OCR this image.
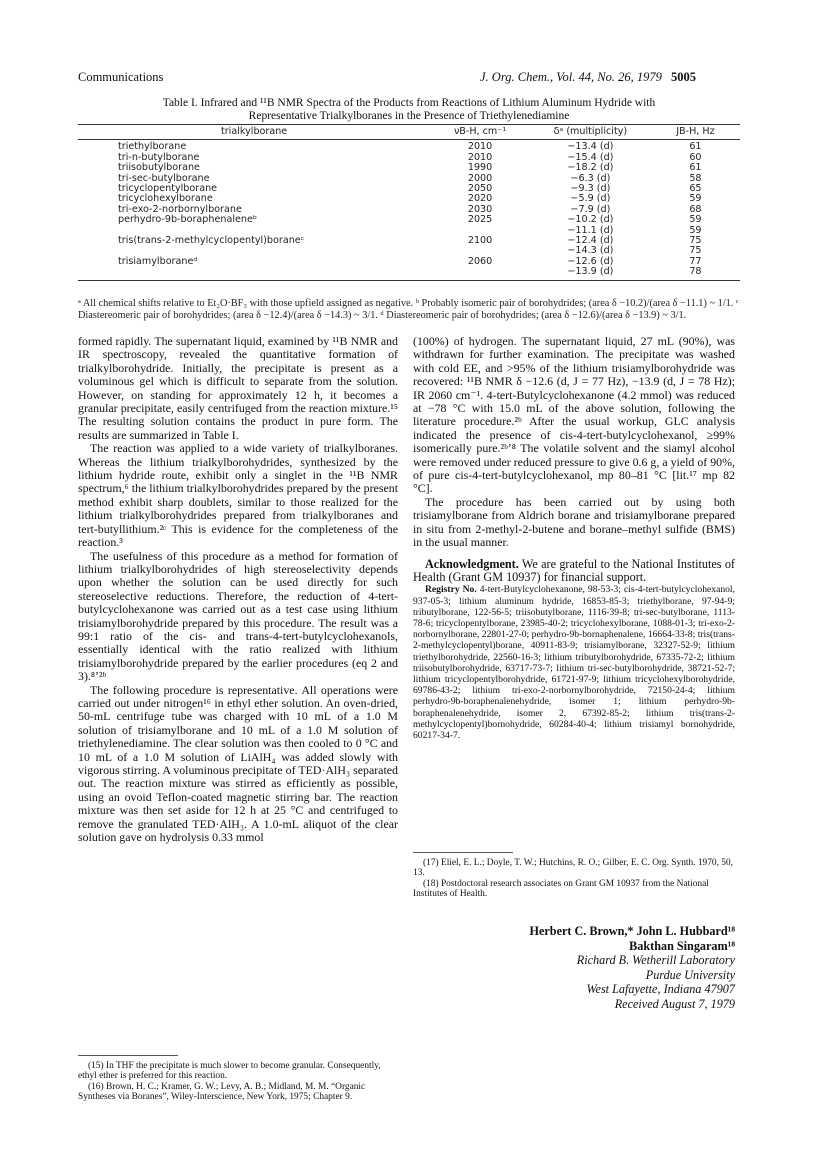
Communications	J. Org. Chem., Vol. 44, No. 26, 1979 5005
Table I. Infrared and ¹¹B NMR Spectra of the Products from Reactions of Lithium Aluminum Hydride with
Representative Trialkylboranes in the Presence of Triethylenediamine
trialkylborane	νB-H, cm⁻¹	δᵃ (multiplicity)	JB-H, Hz
triethylborane	2010	−13.4 (d)	61
tri-n-butylborane	2010	−15.4 (d)	60
triisobutylborane	1990	−18.2 (d)	61
tri-sec-butylborane	2000	−6.3 (d)	58
tricyclopentylborane	2050	−9.3 (d)	65
tricyclohexylborane	2020	−5.9 (d)	59
tri-exo-2-norbornylborane	2030	−7.9 (d)	68
perhydro-9b-boraphenaleneᵇ	2025	−10.2 (d)	59
		−11.1 (d)	59
tris(trans-2-methylcyclopentyl)boraneᶜ	2100	−12.4 (d)	75
		−14.3 (d)	75
trisiamylboraneᵈ	2060	−12.6 (d)	77
		−13.9 (d)	78
ᵃ All chemical shifts relative to Et₂O·BF₃ with those upfield assigned as negative. ᵇ Probably isomeric pair of borohydrides; (area δ −10.2)/(area δ −11.1) ~ 1/1. ᶜ Diastereomeric pair of borohydrides; (area δ −12.4)/(area δ −14.3) ~ 3/1. ᵈ Diastereomeric pair of borohydrides; (area δ −12.6)/(area δ −13.9) ~ 3/1.

formed rapidly. The supernatant liquid, examined by ¹¹B NMR and IR spectroscopy, revealed the quantitative formation of trialkylborohydride. Initially, the precipitate is present as a voluminous gel which is difficult to separate from the solution. However, on standing for approximately 12 h, it becomes a granular precipitate, easily centrifuged from the reaction mixture.¹⁵ The resulting solution contains the product in pure form. The results are summarized in Table I.

The reaction was applied to a wide variety of trialkylboranes. Whereas the lithium trialkylborohydrides, synthesized by the lithium hydride route, exhibit only a singlet in the ¹¹B NMR spectrum,⁶ the lithium trialkylborohydrides prepared by the present method exhibit sharp doublets, similar to those realized for the lithium trialkylborohydrides prepared from trialkylboranes and tert-butyllithium.²ᶜ This is evidence for the completeness of the reaction.³

The usefulness of this procedure as a method for formation of lithium trialkylborohydrides of high stereoselectivity depends upon whether the solution can be used directly for such stereoselective reductions. Therefore, the reduction of 4-tert-butylcyclohexanone was carried out as a test case using lithium trisiamylborohydride prepared by this procedure. The result was a 99:1 ratio of the cis- and trans-4-tert-butylcyclohexanols, essentially identical with the ratio realized with lithium trisiamylborohydride prepared by the earlier procedures (eq 2 and 3).⁸ʼ²ᵇ

The following procedure is representative. All operations were carried out under nitrogen¹⁶ in ethyl ether solution. An oven-dried, 50-mL centrifuge tube was charged with 10 mL of a 1.0 M solution of trisiamylborane and 10 mL of a 1.0 M solution of triethylenediamine. The clear solution was then cooled to 0 °C and 10 mL of a 1.0 M solution of LiAlH₄ was added slowly with vigorous stirring. A voluminous precipitate of TED·AlH₃ separated out. The reaction mixture was stirred as efficiently as possible, using an ovoid Teflon-coated magnetic stirring bar. The reaction mixture was then set aside for 12 h at 25 °C and centrifuged to remove the granulated TED·AlH₃. A 1.0-mL aliquot of the clear solution gave on hydrolysis 0.33 mmol

(100%) of hydrogen. The supernatant liquid, 27 mL (90%), was withdrawn for further examination. The precipitate was washed with cold EE, and >95% of the lithium trisiamylborohydride was recovered: ¹¹B NMR δ −12.6 (d, J = 77 Hz), −13.9 (d, J = 78 Hz); IR 2060 cm⁻¹. 4-tert-Butylcyclohexanone (4.2 mmol) was reduced at −78 °C with 15.0 mL of the above solution, following the literature procedure.²ᵇ After the usual workup, GLC analysis indicated the presence of cis-4-tert-butylcyclohexanol, ≥99% isomerically pure.²ᵇʼ⁸ The volatile solvent and the siamyl alcohol were removed under reduced pressure to give 0.6 g, a yield of 90%, of pure cis-4-tert-butylcyclohexanol, mp 80–81 °C [lit.¹⁷ mp 82 °C].

The procedure has been carried out by using both trisiamylborane from Aldrich borane and trisiamylborane prepared in situ from 2-methyl-2-butene and borane–methyl sulfide (BMS) in the usual manner.

Acknowledgment. We are grateful to the National Institutes of Health (Grant GM 10937) for financial support.

Registry No. 4-tert-Butylcyclohexanone, 98-53-3; cis-4-tert-butylcyclohexanol, 937-05-3; lithium aluminum hydride, 16853-85-3; triethylborane, 97-94-9; tributylborane, 122-56-5; triisobutylborane, 1116-39-8; tri-sec-butylborane, 1113-78-6; tricyclopentylborane, 23985-40-2; tricyclohexylborane, 1088-01-3; tri-exo-2-norbornylborane, 22801-27-0; perhydro-9b-bornaphenalene, 16664-33-8; tris(trans-2-methylcyclopentyl)borane, 40911-83-9; trisiamylborane, 32327-52-9; lithium triethylborohydride, 22560-16-3; lithium tributylborohydride, 67335-72-2; lithium triisobutylborohydride, 63717-73-7; lithium tri-sec-butylborohydride, 38721-52-7; lithium tricyclopentylborohydride, 61721-97-9; lithium tricyclohexylborohydride, 69786-43-2; lithium tri-exo-2-norbornylborohydride, 72150-24-4; lithium perhydro-9b-boraphenalenehydride, isomer 1; lithium perhydro-9b-boraphenalenehydride, isomer 2, 67392-85-2; lithium tris(trans-2-methylcyclopentyl)bornohydride, 60284-40-4; lithium trisiamyl bornohydride, 60217-34-7.

(17) Eliel, E. L.; Doyle, T. W.; Hutchins, R. O.; Gilber, E. C. Org. Synth. 1970, 50, 13.

(18) Postdoctoral research associates on Grant GM 10937 from the National Institutes of Health.

Herbert C. Brown,* John L. Hubbard¹⁸
Bakthan Singaram¹⁸
Richard B. Wetherill Laboratory
Purdue University
West Lafayette, Indiana 47907
Received August 7, 1979

(15) In THF the precipitate is much slower to become granular. Consequently, ethyl ether is preferred for this reaction.

(16) Brown, H. C.; Kramer, G. W.; Levy, A. B.; Midland, M. M. “Organic Syntheses via Boranes”, Wiley-Interscience, New York, 1975; Chapter 9.
